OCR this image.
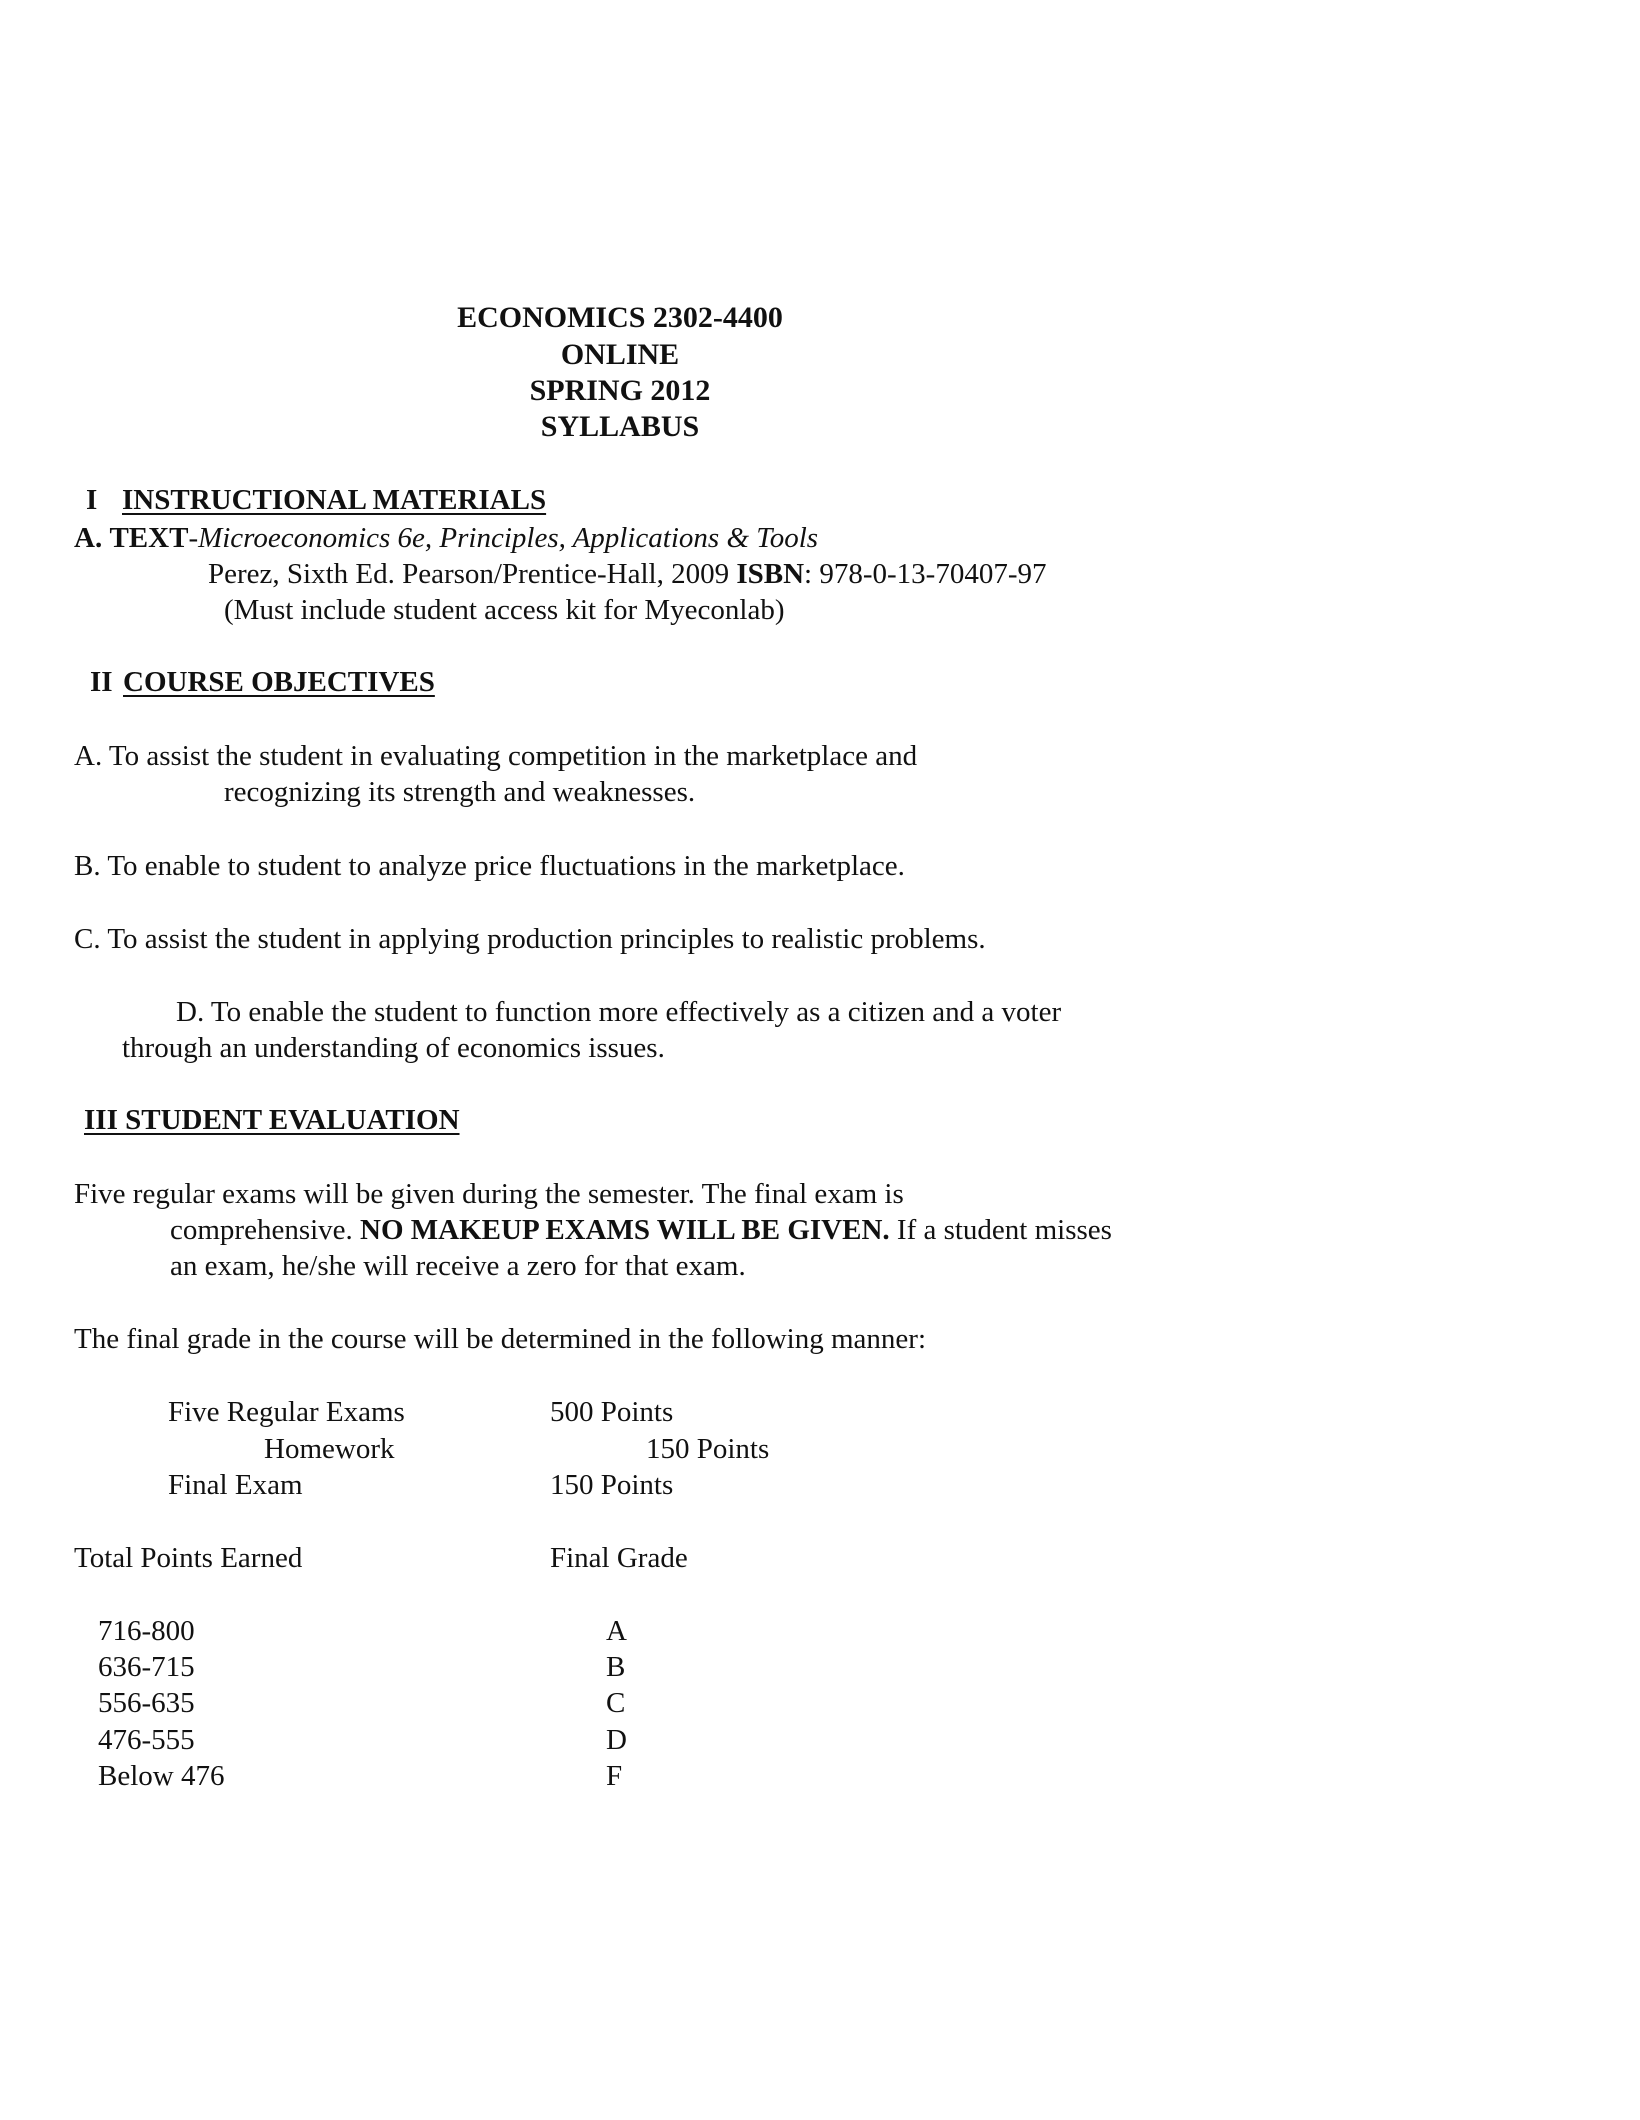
ECONOMICS 2302-4400
ONLINE
SPRING 2012
SYLLABUS
I INSTRUCTIONAL MATERIALS
A. TEXT-Microeconomics 6e, Principles, Applications & Tools
Perez, Sixth Ed. Pearson/Prentice-Hall, 2009 ISBN: 978-0-13-70407-97
(Must include student access kit for Myeconlab)
II COURSE OBJECTIVES
A. To assist the student in evaluating competition in the marketplace and
recognizing its strength and weaknesses.
B. To enable to student to analyze price fluctuations in the marketplace.
C. To assist the student in applying production principles to realistic problems.
D. To enable the student to function more effectively as a citizen and a voter
through an understanding of economics issues.
III STUDENT EVALUATION
Five regular exams will be given during the semester. The final exam is
comprehensive. NO MAKEUP EXAMS WILL BE GIVEN. If a student misses
an exam, he/she will receive a zero for that exam.
The final grade in the course will be determined in the following manner:
Five Regular Exams	500 Points
Homework	150 Points
Final Exam	150 Points
Total Points Earned	Final Grade
716-800	A
636-715	B
556-635	C
476-555	D
Below 476	F
